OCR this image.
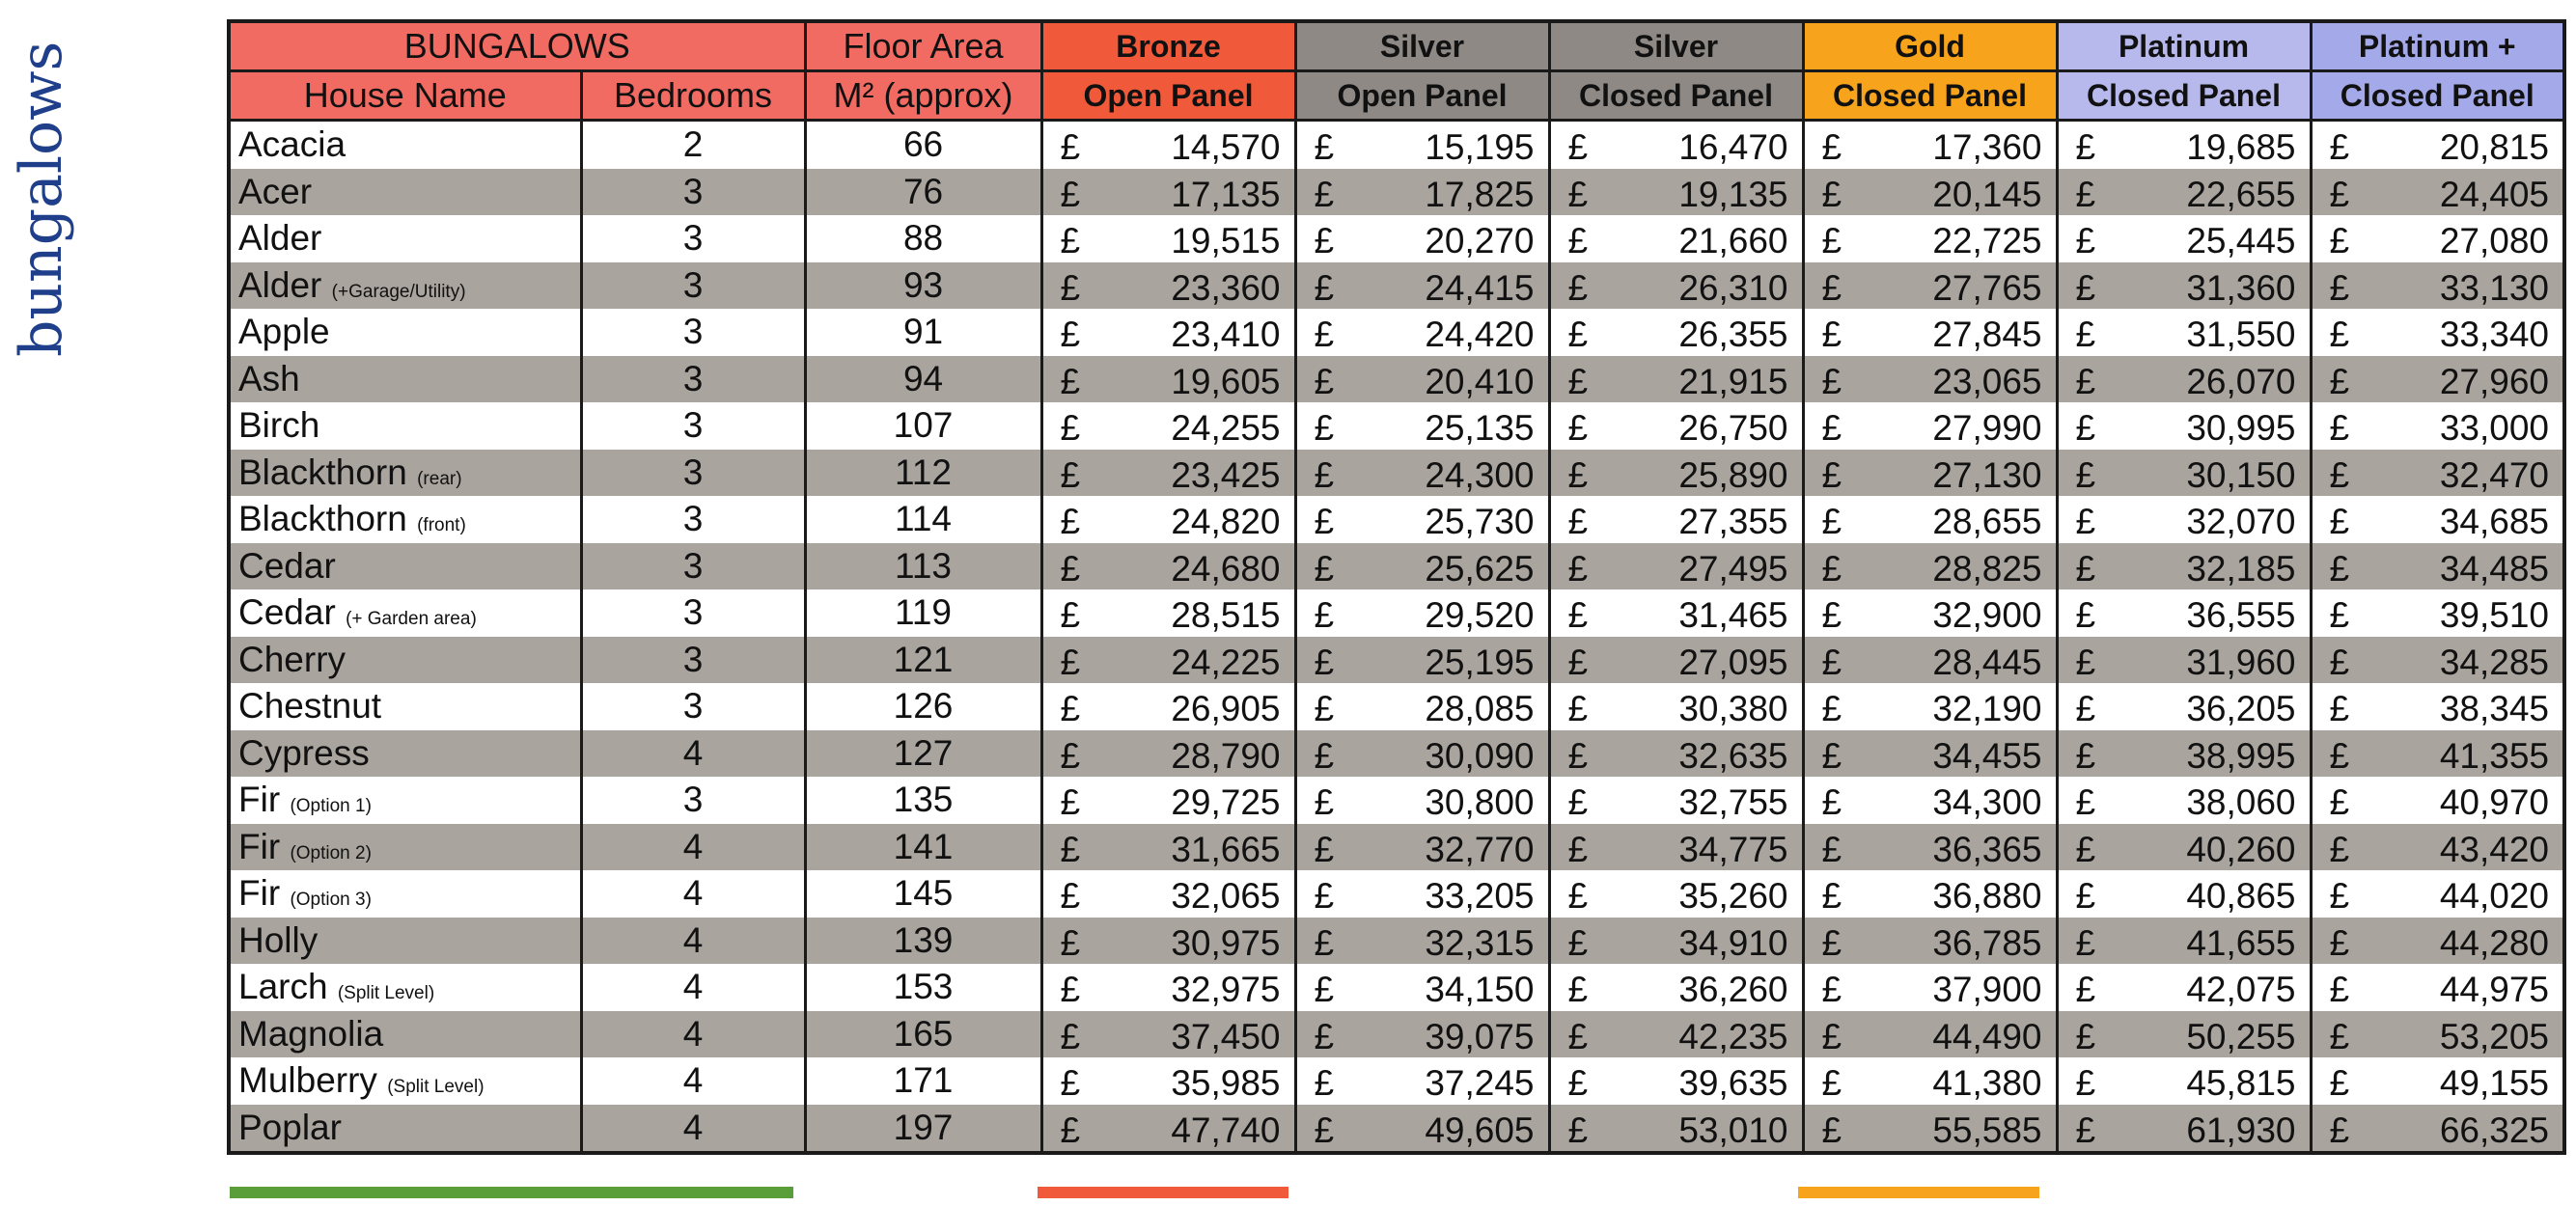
bungalows	BUNGALOWS		Floor Area	Bronze	Silver	Silver	Gold	Platinum	Platinum +
House Name	Bedrooms	M² (approx)	Open Panel	Open Panel	Closed Panel	Closed Panel	Closed Panel	Closed Panel
Acacia	2	66	£ 14,570	£ 15,195	£ 16,470	£ 17,360	£ 19,685	£ 20,815

Acer	3	76	£ 17,135	£ 17,825	£ 19,135	£ 20,145	£ 22,655	£ 24,405

Alder	3	88	£ 19,515	£ 20,270	£ 21,660	£ 22,725	£ 25,445	£ 27,080

Alder (+Garage/Utility)	3	93	£ 23,360	£ 24,415	£ 26,310	£ 27,765	£ 31,360	£ 33,130

Apple	3	91	£ 23,410	£ 24,420	£ 26,355	£ 27,845	£ 31,550	£ 33,340

Ash	3	94	£ 19,605	£ 20,410	£ 21,915	£ 23,065	£ 26,070	£ 27,960

Birch	3	107	£ 24,255	£ 25,135	£ 26,750	£ 27,990	£ 30,995	£ 33,000

Blackthorn (rear)	3	112	£ 23,425	£ 24,300	£ 25,890	£ 27,130	£ 30,150	£ 32,470

Blackthorn (front)	3	114	£ 24,820	£ 25,730	£ 27,355	£ 28,655	£ 32,070	£ 34,685

Cedar	3	113	£ 24,680	£ 25,625	£ 27,495	£ 28,825	£ 32,185	£ 34,485

Cedar (+ Garden area)	3	119	£ 28,515	£ 29,520	£ 31,465	£ 32,900	£ 36,555	£ 39,510

Cherry	3	121	£ 24,225	£ 25,195	£ 27,095	£ 28,445	£ 31,960	£ 34,285

Chestnut	3	126	£ 26,905	£ 28,085	£ 30,380	£ 32,190	£ 36,205	£ 38,345

Cypress	4	127	£ 28,790	£ 30,090	£ 32,635	£ 34,455	£ 38,995	£ 41,355

Fir (Option 1)	3	135	£ 29,725	£ 30,800	£ 32,755	£ 34,300	£ 38,060	£ 40,970

Fir (Option 2)	4	141	£ 31,665	£ 32,770	£ 34,775	£ 36,365	£ 40,260	£ 43,420

Fir (Option 3)	4	145	£ 32,065	£ 33,205	£ 35,260	£ 36,880	£ 40,865	£ 44,020

Holly	4	139	£ 30,975	£ 32,315	£ 34,910	£ 36,785	£ 41,655	£ 44,280

Larch (Split Level)	4	153	£ 32,975	£ 34,150	£ 36,260	£ 37,900	£ 42,075	£ 44,975

Magnolia	4	165	£ 37,450	£ 39,075	£ 42,235	£ 44,490	£ 50,255	£ 53,205

Mulberry (Split Level)	4	171	£ 35,985	£ 37,245	£ 39,635	£ 41,380	£ 45,815	£ 49,155

Poplar	4	197	£ 47,740	£ 49,605	£ 53,010	£ 55,585	£ 61,930	£ 66,325
